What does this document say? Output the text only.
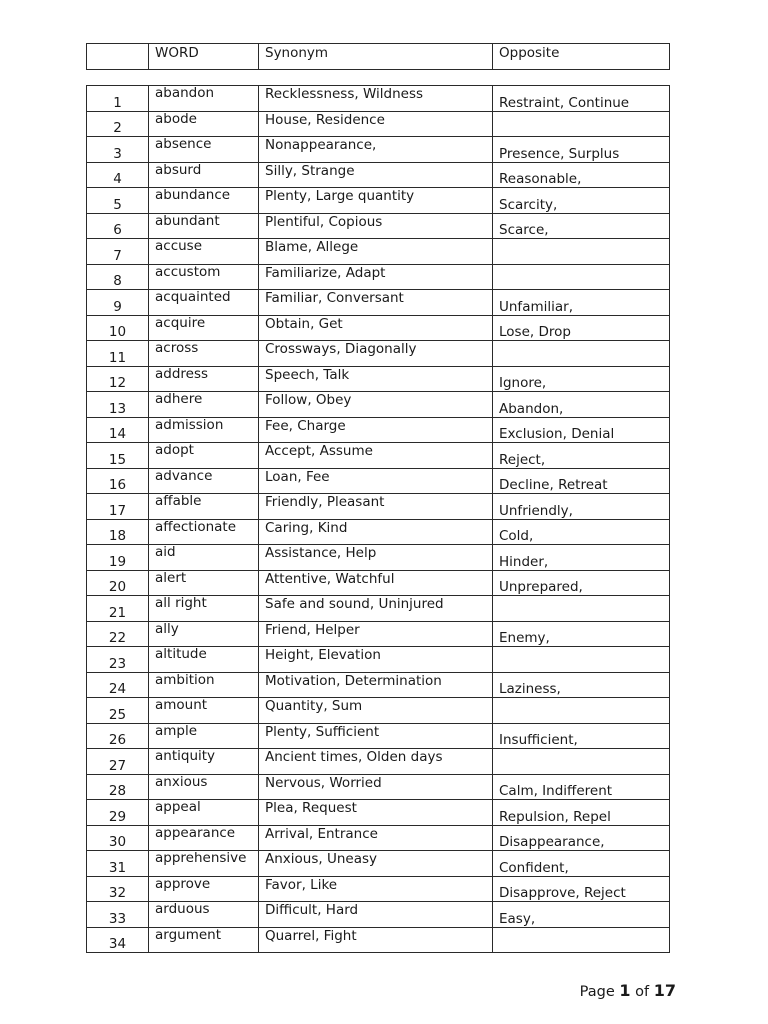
	WORD	Synonym	Opposite
1	abandon	Recklessness, Wildness	Restraint, Continue
2	abode	House, Residence	
3	absence	Nonappearance,	Presence, Surplus
4	absurd	Silly, Strange	Reasonable,
5	abundance	Plenty, Large quantity	Scarcity,
6	abundant	Plentiful, Copious	Scarce,
7	accuse	Blame, Allege	
8	accustom	Familiarize, Adapt	
9	acquainted	Familiar, Conversant	Unfamiliar,
10	acquire	Obtain, Get	Lose, Drop
11	across	Crossways, Diagonally	
12	address	Speech, Talk	Ignore,
13	adhere	Follow, Obey	Abandon,
14	admission	Fee, Charge	Exclusion, Denial
15	adopt	Accept, Assume	Reject,
16	advance	Loan, Fee	Decline, Retreat
17	affable	Friendly, Pleasant	Unfriendly,
18	affectionate	Caring, Kind	Cold,
19	aid	Assistance, Help	Hinder,
20	alert	Attentive, Watchful	Unprepared,
21	all right	Safe and sound, Uninjured	
22	ally	Friend, Helper	Enemy,
23	altitude	Height, Elevation	
24	ambition	Motivation, Determination	Laziness,
25	amount	Quantity, Sum	
26	ample	Plenty, Sufficient	Insufficient,
27	antiquity	Ancient times, Olden days	
28	anxious	Nervous, Worried	Calm, Indifferent
29	appeal	Plea, Request	Repulsion, Repel
30	appearance	Arrival, Entrance	Disappearance,
31	apprehensive	Anxious, Uneasy	Confident,
32	approve	Favor, Like	Disapprove, Reject
33	arduous	Difficult, Hard	Easy,
34	argument	Quarrel, Fight	
Page 1 of 17
